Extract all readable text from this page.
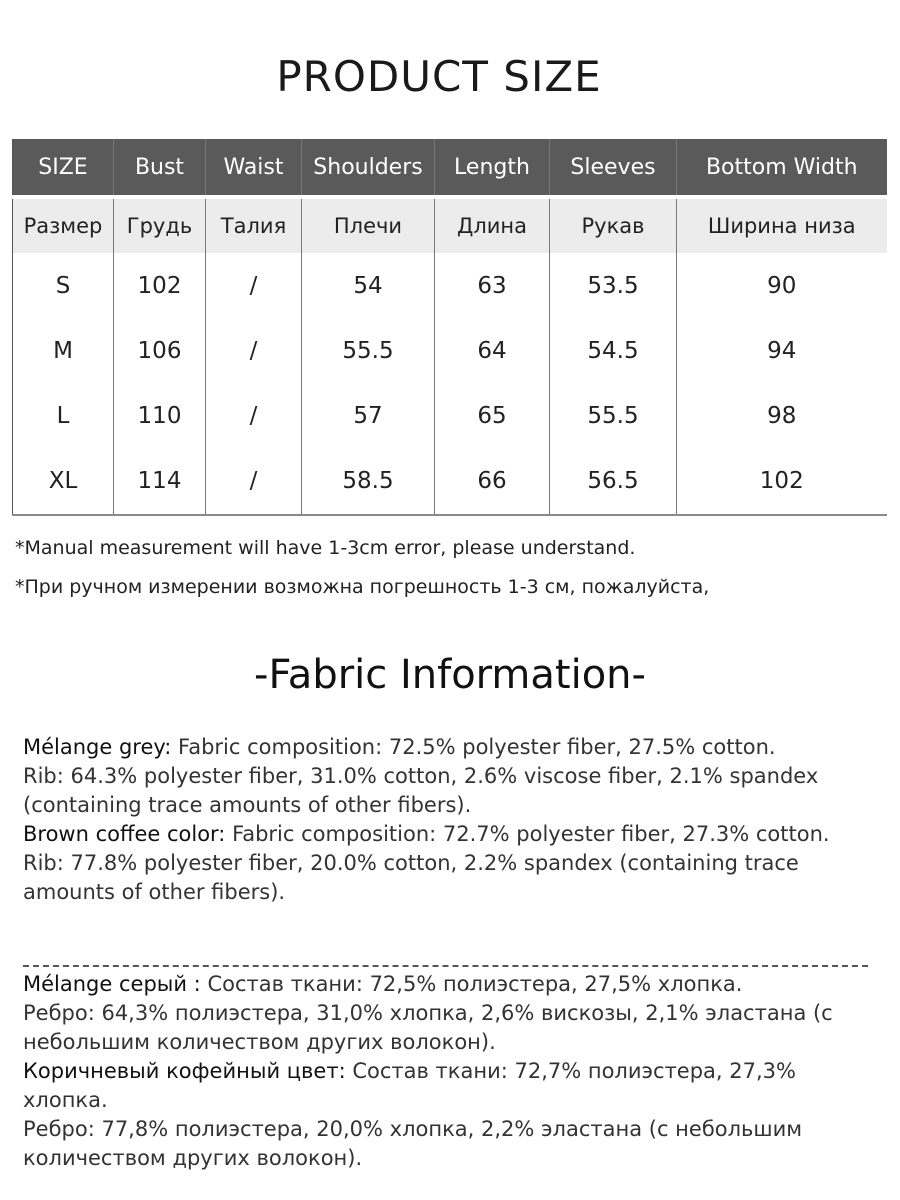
PRODUCT SIZE
SIZE	Bust	Waist	Shoulders	Length	Sleeves	Bottom Width
Размер	Грудь	Талия	Плечи	Длина	Рукав	Ширина низа
S	102	/	54	63	53.5	90
M	106	/	55.5	64	54.5	94
L	110	/	57	65	55.5	98
XL	114	/	58.5	66	56.5	102
*Manual measurement will have 1-3cm error, please understand.
*При ручном измерении возможна погрешность 1-3 см, пожалуйста,
-Fabric Information-

Mélange grey: Fabric composition: 72.5% polyester fiber, 27.5% cotton.

Rib: 64.3% polyester fiber, 31.0% cotton, 2.6% viscose fiber, 2.1% spandex (containing trace amounts of other fibers).

Brown coffee color: Fabric composition: 72.7% polyester fiber, 27.3% cotton.

Rib: 77.8% polyester fiber, 20.0% cotton, 2.2% spandex (containing trace amounts of other fibers).

Mélange серый : Состав ткани: 72,5% полиэстера, 27,5% хлопка.

Ребро: 64,3% полиэстера, 31,0% хлопка, 2,6% вискозы, 2,1% эластана (с небольшим количеством других волокон).

Коричневый кофейный цвет: Состав ткани: 72,7% полиэстера, 27,3% хлопка.

Ребро: 77,8% полиэстера, 20,0% хлопка, 2,2% эластана (с небольшим количеством других волокон).
